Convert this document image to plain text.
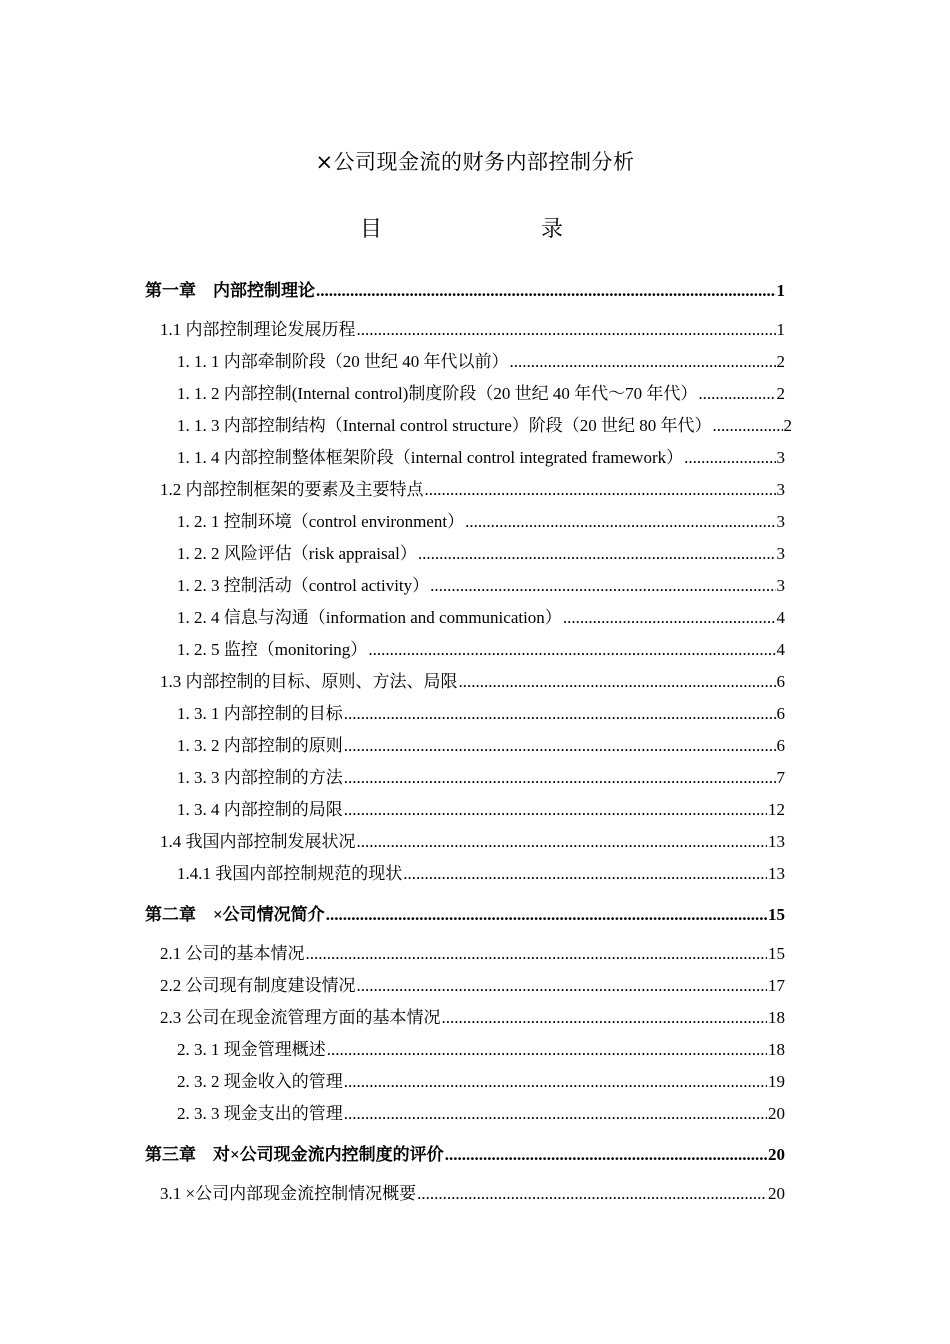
×公司现金流的财务内部控制分析
目	录
第一章　内部控制理论 .....	1
1.1 内部控制理论发展历程 .....	1
1. 1. 1 内部牵制阶段（20 世纪 40 年代以前） .....	2
1. 1. 2 内部控制(Internal control)制度阶段（20 世纪 40 年代～70 年代） .....	2
1. 1. 3 内部控制结构（Internal control structure）阶段（20 世纪 80 年代） .....	2
1. 1. 4 内部控制整体框架阶段（internal control integrated framework） .....	3
1.2 内部控制框架的要素及主要特点 .....	3
1. 2. 1 控制环境（control environment） .....	3
1. 2. 2 风险评估（risk appraisal） .....	3
1. 2. 3 控制活动（control activity） .....	3
1. 2. 4 信息与沟通（information and communication） .....	4
1. 2. 5 监控（monitoring） .....	4
1.3 内部控制的目标、原则、方法、局限 .....	6
1. 3. 1 内部控制的目标 .....	6
1. 3. 2 内部控制的原则 .....	6
1. 3. 3 内部控制的方法 .....	7
1. 3. 4 内部控制的局限 .....	12
1.4 我国内部控制发展状况 .....	13
1.4.1 我国内部控制规范的现状 .....	13
第二章　×公司情况简介 .....	15
2.1 公司的基本情况 .....	15
2.2 公司现有制度建设情况 .....	17
2.3 公司在现金流管理方面的基本情况 .....	18
2. 3. 1 现金管理概述 .....	18
2. 3. 2 现金收入的管理 .....	19
2. 3. 3 现金支出的管理 .....	20
第三章　对×公司现金流内控制度的评价 .....	20
3.1 ×公司内部现金流控制情况概要 .....	20
